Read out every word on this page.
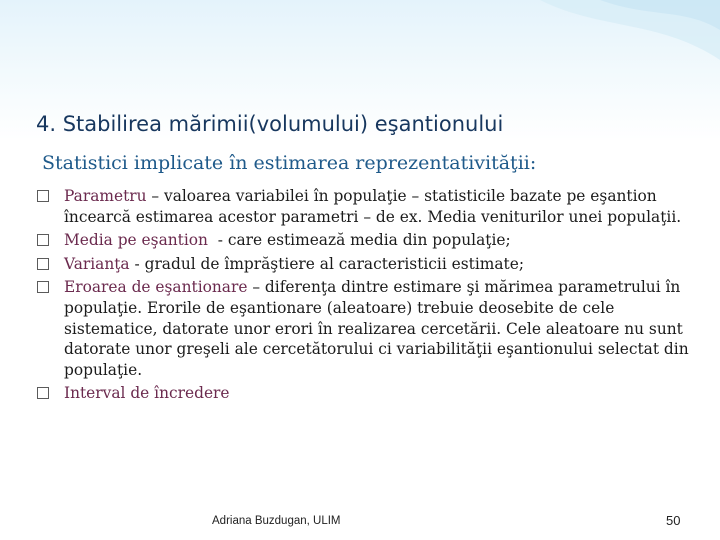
4. Stabilirea mărimii(volumului) eşantionului

Statistici implicate în estimarea reprezentativităţii:

Parametru – valoarea variabilei în populaţie – statisticile bazate pe eşantion încearcă estimarea acestor parametri – de ex. Media veniturilor unei populaţii.
Media pe eşantion  - care estimează media din populaţie;
Varianţa - gradul de împrăştiere al caracteristicii estimate;
Eroarea de eşantionare – diferenţa dintre estimare şi mărimea parametrului în populaţie. Erorile de eşantionare (aleatoare) trebuie deosebite de cele sistematice, datorate unor erori în realizarea cercetării. Cele aleatoare nu sunt datorate unor greşeli ale cercetătorului ci variabilităţii eşantionului selectat din populaţie.
Interval de încredere
Adriana Buzdugan, ULIM	50
